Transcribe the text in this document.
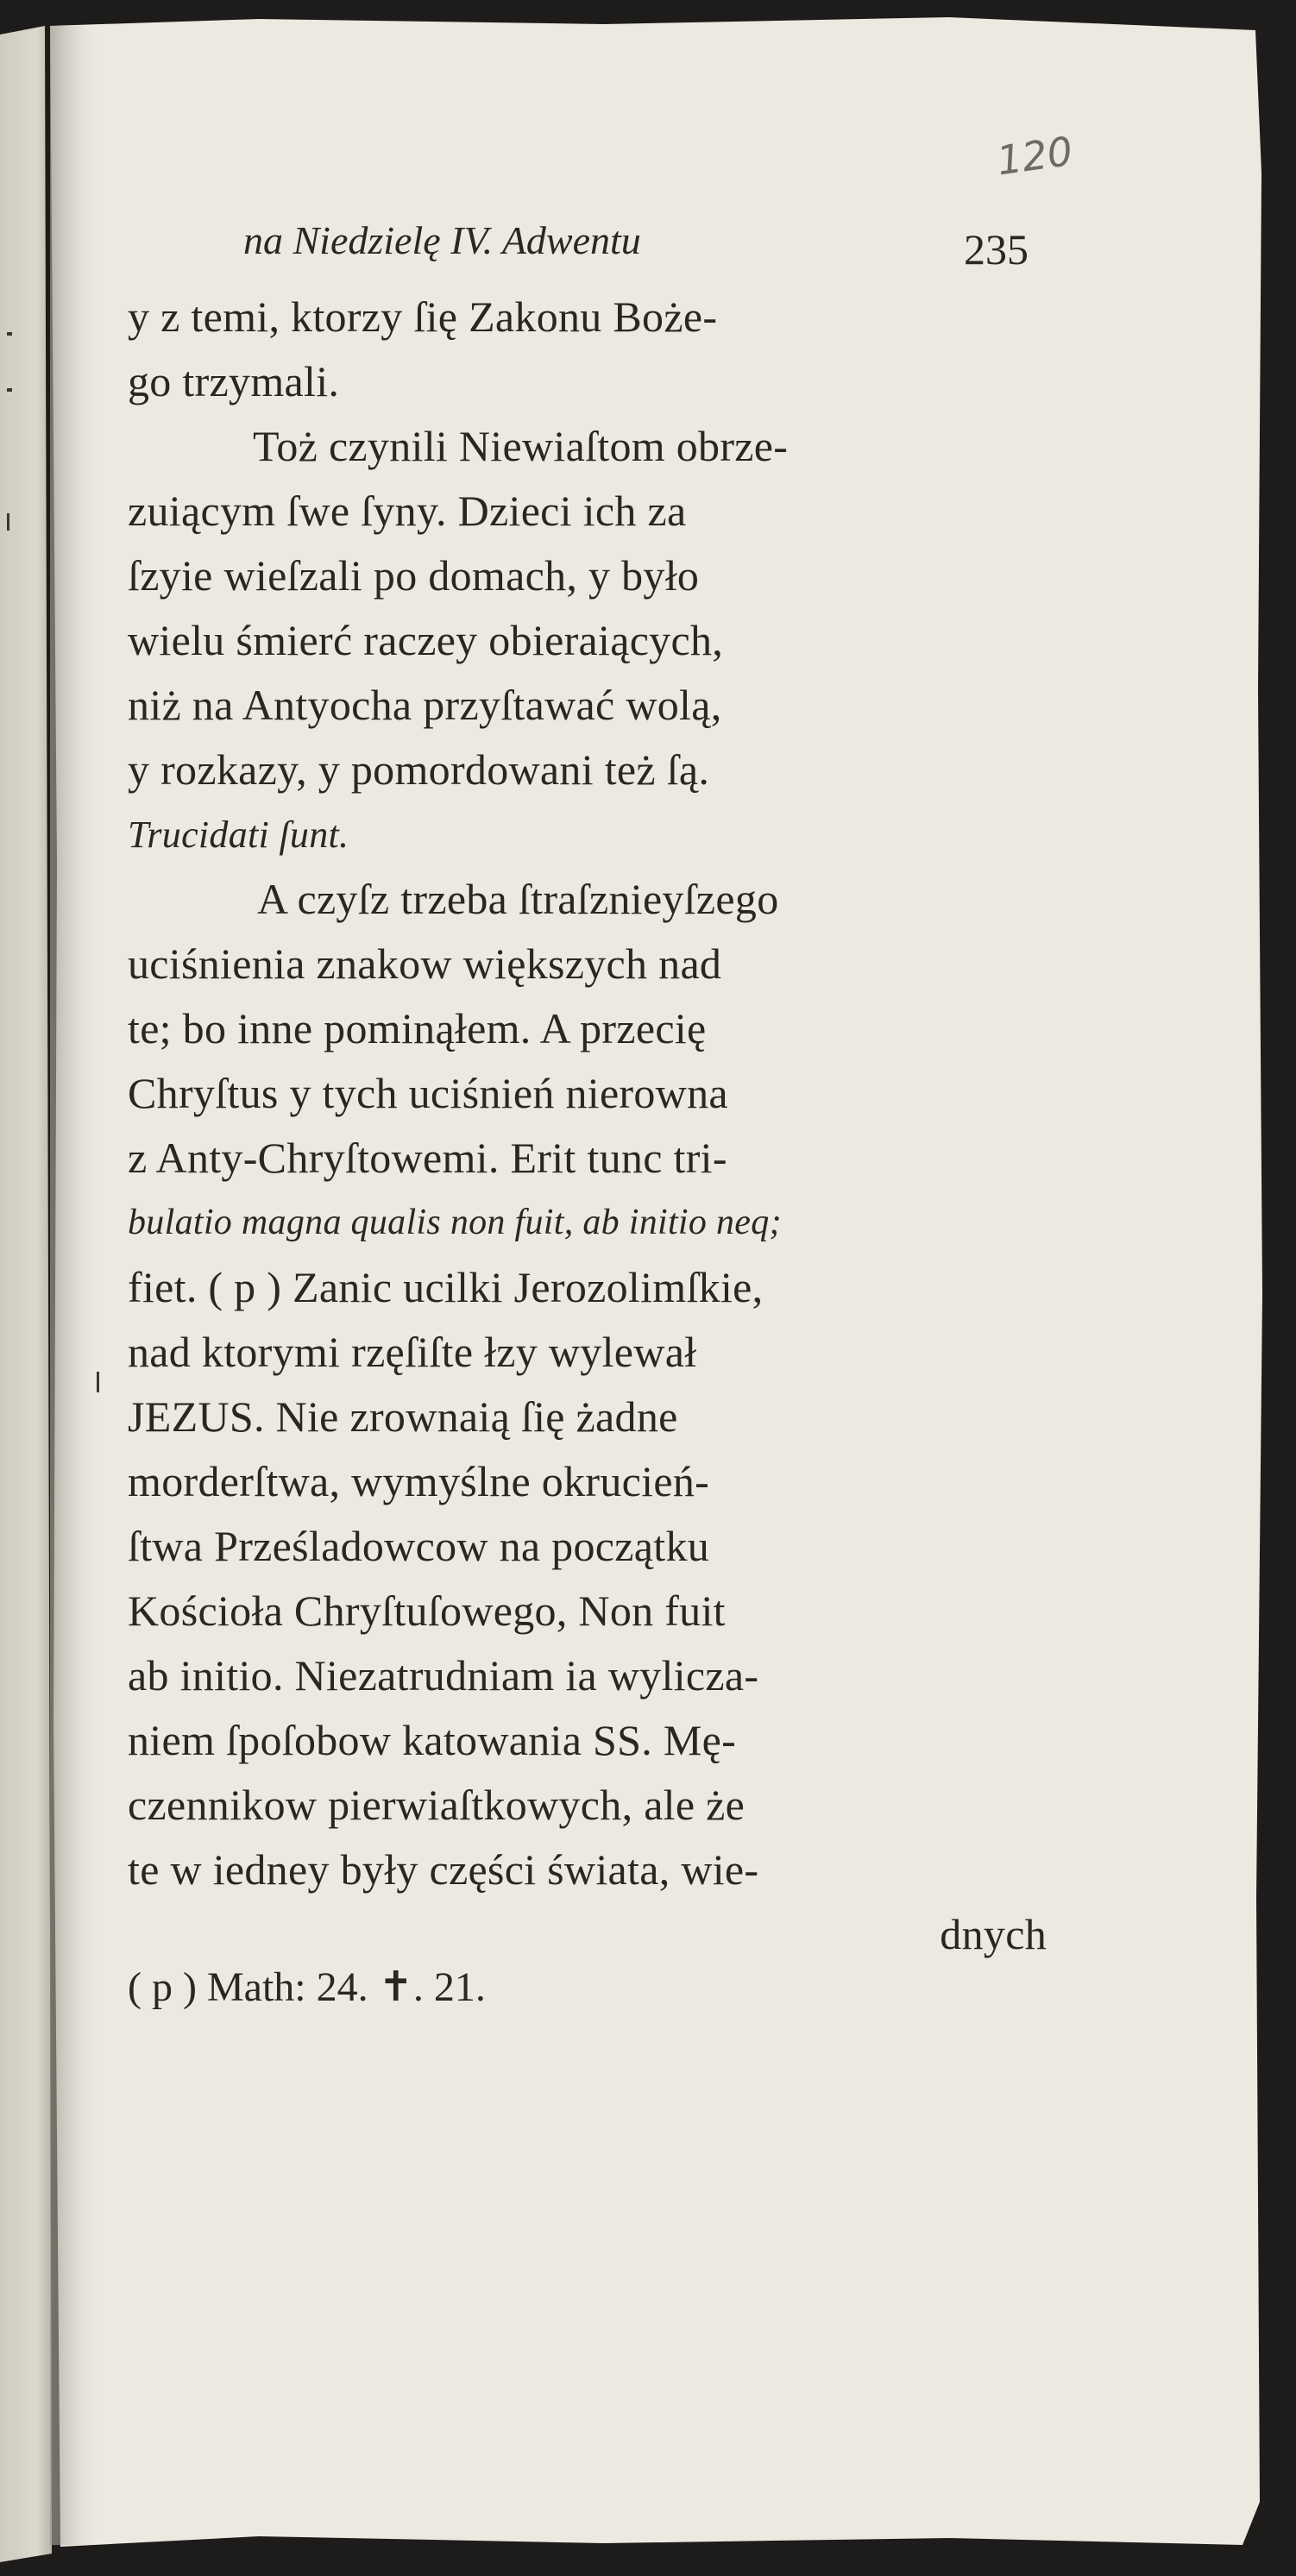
120
na Niedzielę IV. Adwentu	235
y z temi, ktorzy ſię Zakonu Boże-
go trzymali.
Toż czynili Niewiaſtom obrze-
zuiącym ſwe ſyny. Dzieci ich za
ſzyie wieſzali po domach, y było
wielu śmierć raczey obieraiących,
niż na Antyocha przyſtawać wolą,
y rozkazy, y pomordowani też ſą.
Trucidati ſunt.
A czyſz trzeba ſtraſznieyſzego
uciśnienia znakow większych nad
te; bo inne pominąłem. A przecię
Chryſtus y tych uciśnień nierowna
z Anty-Chryſtowemi. Erit tunc tri-
bulatio magna qualis non fuit, ab initio neq;
fiet. ( p ) Zanic ucilki Jerozolimſkie,
nad ktorymi rzęſiſte łzy wylewał
JEZUS. Nie zrownaią ſię żadne
morderſtwa, wymyślne okrucień-
ſtwa Prześladowcow na początku
Kościoła Chryſtuſowego, Non fuit
ab initio. Niezatrudniam ia wylicza-
niem ſpoſobow katowania SS. Mę-
czennikow pierwiaſtkowych, ale że
te w iedney były części świata, wie-
dnych
( p ) Math: 24. ✝. 21.
